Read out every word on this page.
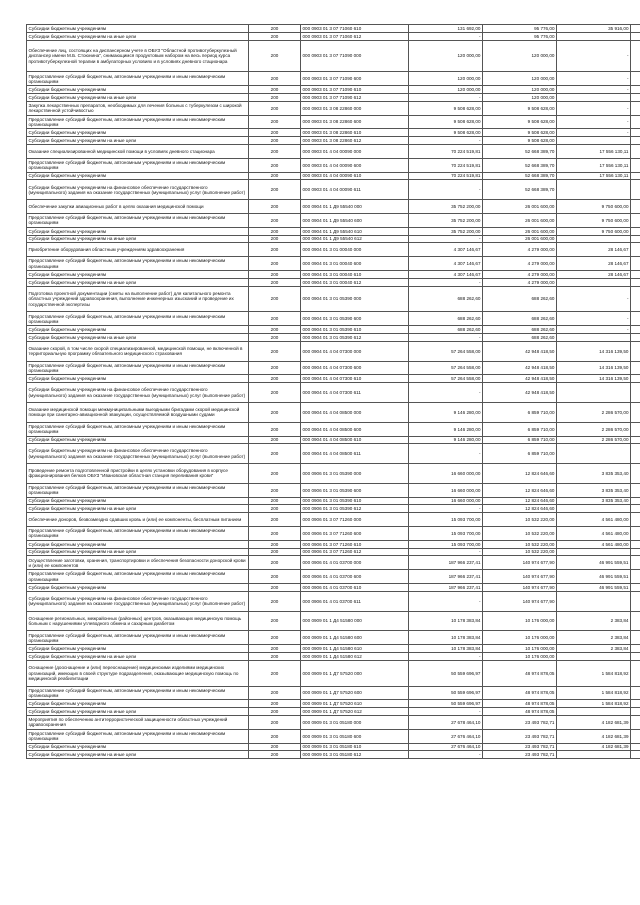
Субсидии бюджетным учреждениям	200	000 0903 01 3 07 71060 610	131 692,00	95 776,00	35 916,00	
Субсидии бюджетным учреждениям на иные цели	200	000 0903 01 3 07 71060 612	-	95 776,00		
Обеспечение лиц, состоящих на диспансерном учете в ОБУЗ "Областной противотуберкулезный диспансер имени М.Б. Стоюнина", снимающимся продуктовым набором на весь период курса противотуберкулезной терапии в амбулаторных условиях и в условиях дневного стационара	200	000 0903 01 3 07 71090 000	120 000,00	120 000,00	-	
Предоставление субсидий бюджетным, автономным учреждениям и иным некоммерческим организациям	200	000 0903 01 3 07 71090 600	120 000,00	120 000,00	-	
Субсидии бюджетным учреждениям	200	000 0903 01 3 07 71090 610	120 000,00	120 000,00	-	
Субсидии бюджетным учреждениям на иные цели	200	000 0903 01 3 07 71090 612	-	120 000,00		
Закупка лекарственных препаратов, необходимых для лечения больных с туберкулезом с широкой лекарственной устойчивостью	200	000 0903 01 3 08 22860 000	9 508 628,00	9 508 628,00	-	
Предоставление субсидий бюджетным, автономным учреждениям и иным некоммерческим организациям	200	000 0903 01 3 08 22860 600	9 508 628,00	9 508 628,00	-	
Субсидии бюджетным учреждениям	200	000 0903 01 3 08 22860 610	9 508 628,00	9 508 628,00	-	
Субсидии бюджетным учреждениям на иные цели	200	000 0903 01 3 08 22860 612	-	9 508 628,00		
Оказание специализированной медицинской помощи в условиях дневного стационара	200	000 0903 01 4 04 00090 000	70 224 519,81	52 668 389,70	17 556 130,11	
Предоставление субсидий бюджетным, автономным учреждениям и иным некоммерческим организациям	200	000 0903 01 4 04 00090 600	70 224 519,81	52 668 389,70	17 556 130,11	
Субсидии бюджетным учреждениям	200	000 0903 01 4 04 00090 610	70 224 519,81	52 668 389,70	17 556 130,11	
Субсидии бюджетным учреждениям на финансовое обеспечение государственного (муниципального) задания на оказание государственных (муниципальных) услуг (выполнение работ)	200	000 0903 01 4 04 00090 611	-	52 668 389,70		
Обеспечение закупки авиационных работ в целях оказания медицинской помощи	200	000 0904 01 1 Д9 55540 000	35 752 200,00	26 001 600,00	9 750 600,00	
Предоставление субсидий бюджетным, автономным учреждениям и иным некоммерческим организациям	200	000 0904 01 1 Д9 55540 600	35 752 200,00	26 001 600,00	9 750 600,00	
Субсидии бюджетным учреждениям	200	000 0904 01 1 Д9 55540 610	35 752 200,00	26 001 600,00	9 750 600,00	
Субсидии бюджетным учреждениям на иные цели	200	000 0904 01 1 Д9 55540 612	-	26 001 600,00		
Приобретение оборудования областным учреждениям здравоохранения	200	000 0904 01 3 01 00040 000	4 307 146,67	4 279 000,00	28 146,67	
Предоставление субсидий бюджетным, автономным учреждениям и иным некоммерческим организациям	200	000 0904 01 3 01 00040 600	4 307 146,67	4 279 000,00	28 146,67	
Субсидии бюджетным учреждениям	200	000 0904 01 3 01 00040 610	4 307 146,67	4 279 000,00	28 146,67	
Субсидии бюджетным учреждениям на иные цели	200	000 0904 01 3 01 00040 612	-	4 279 000,00		
Подготовка проектной документации (сметы на выполнение работ) для капитального ремонта областных учреждений здравоохранения, выполнение инженерных изысканий и проведение их государственной экспертизы	200	000 0904 01 3 01 05390 000	688 262,60	688 262,60	-	
Предоставление субсидий бюджетным, автономным учреждениям и иным некоммерческим организациям	200	000 0904 01 3 01 05390 600	688 262,60	688 262,60	-	
Субсидии бюджетным учреждениям	200	000 0904 01 3 01 05390 610	688 262,60	688 262,60	-	
Субсидии бюджетным учреждениям на иные цели	200	000 0904 01 3 01 05390 612	-	688 262,60		
Оказание скорой, в том числе скорой специализированной, медицинской помощи, не включенной в территориальную программу обязательного медицинского страхования	200	000 0904 01 4 04 07300 000	57 264 558,00	42 948 418,50	14 316 139,50	
Предоставление субсидий бюджетным, автономным учреждениям и иным некоммерческим организациям	200	000 0904 01 4 04 07300 600	57 264 558,00	42 948 418,50	14 316 139,50	
Субсидии бюджетным учреждениям	200	000 0904 01 4 04 07300 610	57 264 558,00	42 948 418,50	14 316 139,50	
Субсидии бюджетным учреждениям на финансовое обеспечение государственного (муниципального) задания на оказание государственных (муниципальных) услуг (выполнение работ)	200	000 0904 01 4 04 07300 611	-	42 948 418,50		
Оказание медицинской помощи межмуниципальными выездными бригадами скорой медицинской помощи при санитарно-авиационной эвакуации, осуществляемой воздушными судами	200	000 0904 01 4 04 08500 000	9 146 280,00	6 859 710,00	2 286 570,00	
Предоставление субсидий бюджетным, автономным учреждениям и иным некоммерческим организациям	200	000 0904 01 4 04 08500 600	9 146 280,00	6 859 710,00	2 286 570,00	
Субсидии бюджетным учреждениям	200	000 0904 01 4 04 08500 610	9 146 280,00	6 859 710,00	2 286 570,00	
Субсидии бюджетным учреждениям на финансовое обеспечение государственного (муниципального) задания на оказание государственных (муниципальных) услуг (выполнение работ)	200	000 0904 01 4 04 08500 611	-	6 859 710,00		
Проведение ремонта подготовленной пристройки в целях установки оборудования в корпусе фракционирования белков ОБУЗ "Ивановская областная станция переливания крови"	200	000 0906 01 3 01 05390 000	16 660 000,00	12 824 646,60	3 835 353,40	
Предоставление субсидий бюджетным, автономным учреждениям и иным некоммерческим организациям	200	000 0906 01 3 01 05390 600	16 660 000,00	12 824 646,60	3 835 353,40	
Субсидии бюджетным учреждениям	200	000 0906 01 3 01 05390 610	16 660 000,00	12 824 646,60	3 835 353,40	
Субсидии бюджетным учреждениям на иные цели	200	000 0906 01 3 01 05390 612	-	12 824 646,60		
Обеспечение доноров, безвозмездно сдавших кровь и (или) ее компоненты, бесплатным питанием	200	000 0906 01 3 07 71260 000	15 093 700,00	10 532 220,00	4 561 480,00	
Предоставление субсидий бюджетным, автономным учреждениям и иным некоммерческим организациям	200	000 0906 01 3 07 71260 600	15 093 700,00	10 532 220,00	4 561 480,00	
Субсидии бюджетным учреждениям	200	000 0906 01 3 07 71260 610	15 093 700,00	10 532 220,00	4 561 480,00	
Субсидии бюджетным учреждениям на иные цели	200	000 0906 01 3 07 71260 612	-	10 532 220,00		
Осуществление заготовки, хранения, транспортировки и обеспечения безопасности донорской крови и (или) ее компонентов	200	000 0906 01 4 01 03700 000	187 966 237,41	140 974 677,90	46 991 559,51	
Предоставление субсидий бюджетным, автономным учреждениям и иным некоммерческим организациям	200	000 0906 01 4 01 03700 600	187 966 237,41	140 974 677,90	46 991 559,51	
Субсидии бюджетным учреждениям	200	000 0906 01 4 01 03700 610	187 966 237,41	140 974 677,90	46 991 559,51	
Субсидии бюджетным учреждениям на финансовое обеспечение государственного (муниципального) задания на оказание государственных (муниципальных) услуг (выполнение работ)	200	000 0906 01 4 01 03700 611	-	140 974 677,90		
Оснащение региональных, межрайонных (районных) центров, оказывающих медицинскую помощь больным с нарушениями углеводного обмена и сахарным диабетом	200	000 0909 01 1 Д4 51580 000	10 178 383,84	10 176 000,00	2 383,84	
Предоставление субсидий бюджетным, автономным учреждениям и иным некоммерческим организациям	200	000 0909 01 1 Д4 51580 600	10 178 383,84	10 176 000,00	2 383,84	
Субсидии бюджетным учреждениям	200	000 0909 01 1 Д4 51580 610	10 178 383,84	10 176 000,00	2 383,84	
Субсидии бюджетным учреждениям на иные цели	200	000 0909 01 1 Д4 51580 612	-	10 176 000,00		
Оснащение (дооснащение и (или) переоснащение) медицинскими изделиями медицинских организаций, имеющих в своей структуре подразделения, оказывающие медицинскую помощь по медицинской реабилитации	200	000 0909 01 1 Д7 57520 000	50 559 696,97	48 974 878,05	1 584 818,92	
Предоставление субсидий бюджетным, автономным учреждениям и иным некоммерческим организациям	200	000 0909 01 1 Д7 57520 600	50 559 696,97	48 974 878,05	1 584 818,92	
Субсидии бюджетным учреждениям	200	000 0909 01 1 Д7 57520 610	50 559 696,97	48 974 878,05	1 584 818,92	
Субсидии бюджетным учреждениям на иные цели	200	000 0909 01 1 Д7 57520 612	-	48 974 878,05		
Мероприятия по обеспечению антитеррористической защищенности областных учреждений здравоохранения	200	000 0909 01 3 01 05180 000	27 678 464,10	23 493 782,71	4 182 681,39	
Предоставление субсидий бюджетным, автономным учреждениям и иным некоммерческим организациям	200	000 0909 01 3 01 05180 600	27 676 464,10	23 493 782,71	4 182 681,39	
Субсидии бюджетным учреждениям	200	000 0909 01 3 01 05180 610	27 676 464,10	23 493 782,71	4 182 681,39	
Субсидии бюджетным учреждениям на иные цели	200	000 0909 01 3 01 05180 612	-	23 493 782,71		
